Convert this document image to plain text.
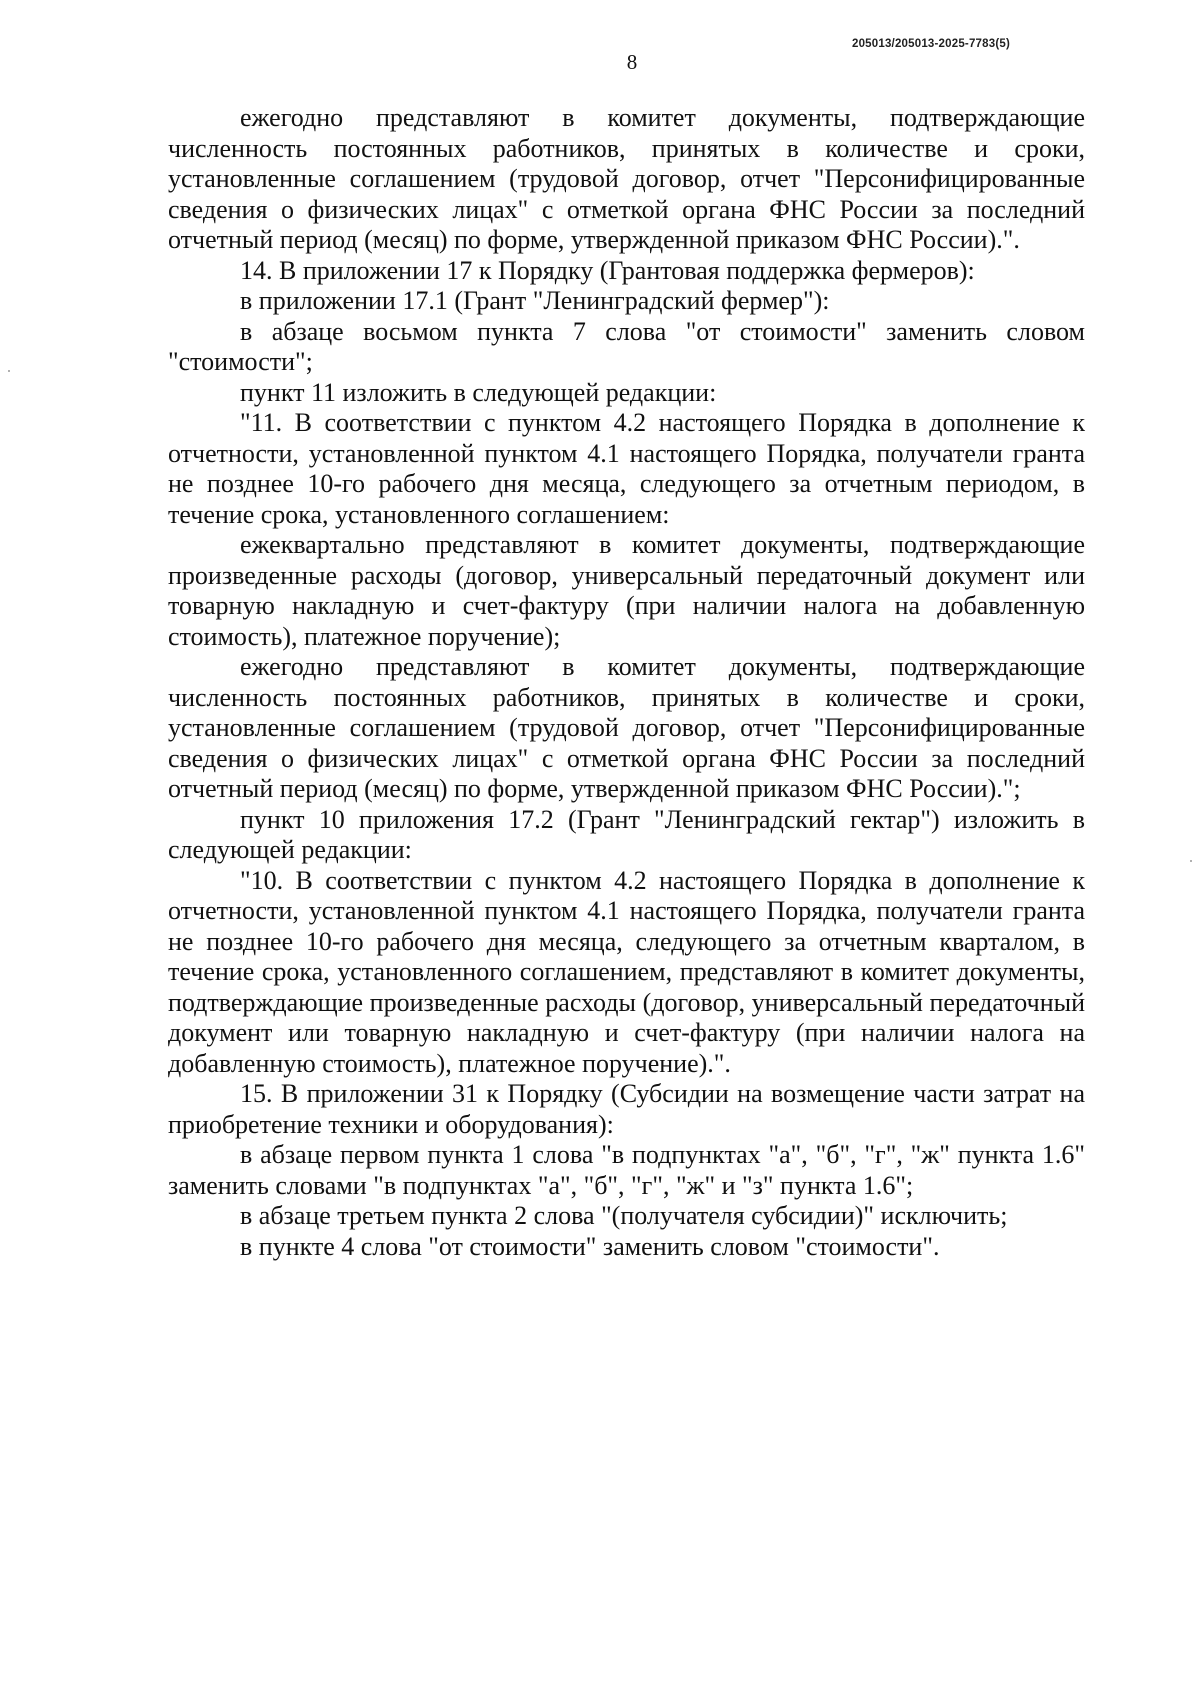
205013/205013-2025-7783(5)
8

ежегодно представляют в комитет документы, подтверждающие численность постоянных работников, принятых в количестве и сроки, установленные соглашением (трудовой договор, отчет "Персонифицированные сведения о физических лицах" с отметкой органа ФНС России за последний отчетный период (месяц) по форме, утвержденной приказом ФНС России).".

14. В приложении 17 к Порядку (Грантовая поддержка фермеров):

в приложении 17.1 (Грант "Ленинградский фермер"):

в абзаце восьмом пункта 7 слова "от стоимости" заменить словом "стоимости";

пункт 11 изложить в следующей редакции:

"11. В соответствии с пунктом 4.2 настоящего Порядка в дополнение к отчетности, установленной пунктом 4.1 настоящего Порядка, получатели гранта не позднее 10-го рабочего дня месяца, следующего за отчетным периодом, в течение срока, установленного соглашением:

ежеквартально представляют в комитет документы, подтверждающие произведенные расходы (договор, универсальный передаточный документ или товарную накладную и счет-фактуру (при наличии налога на добавленную стоимость), платежное поручение);

ежегодно представляют в комитет документы, подтверждающие численность постоянных работников, принятых в количестве и сроки, установленные соглашением (трудовой договор, отчет "Персонифицированные сведения о физических лицах" с отметкой органа ФНС России за последний отчетный период (месяц) по форме, утвержденной приказом ФНС России).";

пункт 10 приложения 17.2 (Грант "Ленинградский гектар") изложить в следующей редакции:

"10. В соответствии с пунктом 4.2 настоящего Порядка в дополнение к отчетности, установленной пунктом 4.1 настоящего Порядка, получатели гранта не позднее 10-го рабочего дня месяца, следующего за отчетным кварталом, в течение срока, установленного соглашением, представляют в комитет документы, подтверждающие произведенные расходы (договор, универсальный передаточный документ или товарную накладную и счет-фактуру (при наличии налога на добавленную стоимость), платежное поручение).".

15. В приложении 31 к Порядку (Субсидии на возмещение части затрат на приобретение техники и оборудования):

в абзаце первом пункта 1 слова "в подпунктах "а", "б", "г", "ж" пункта 1.6" заменить словами "в подпунктах "а", "б", "г", "ж" и "з" пункта 1.6";

в абзаце третьем пункта 2 слова "(получателя субсидии)" исключить;

в пункте 4 слова "от стоимости" заменить словом "стоимости".
